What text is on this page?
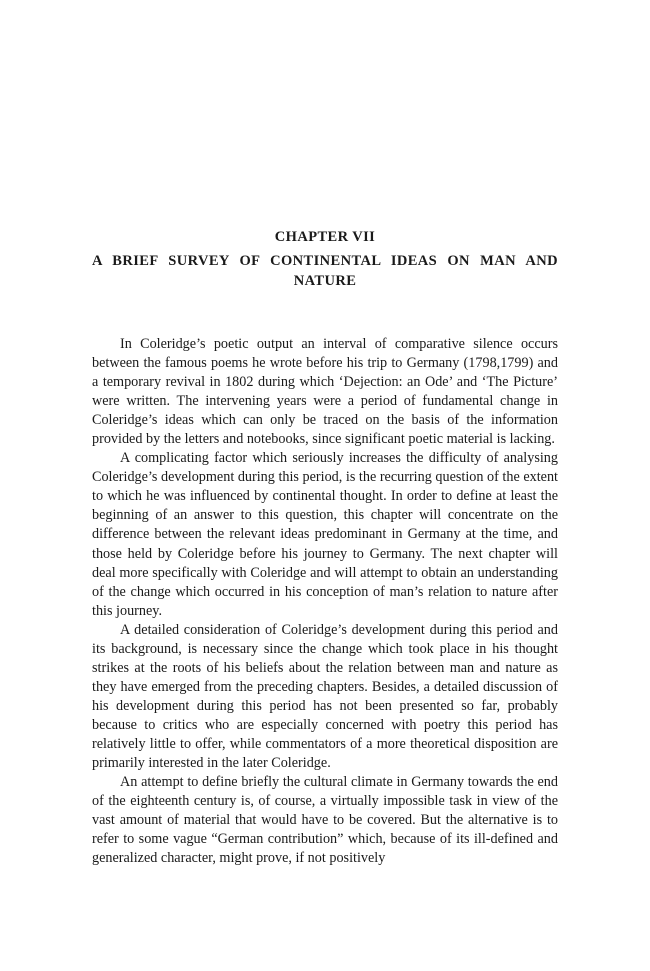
CHAPTER VII
A BRIEF SURVEY OF CONTINENTAL IDEAS ON MAN AND NATURE

In Coleridge’s poetic output an interval of comparative silence occurs between the famous poems he wrote before his trip to Germany (1798,1799) and a temporary revival in 1802 during which ‘Dejection: an Ode’ and ‘The Picture’ were written. The intervening years were a period of fundamental change in Coleridge’s ideas which can only be traced on the basis of the information provided by the letters and notebooks, since significant poetic material is lacking.

A complicating factor which seriously increases the difficulty of analysing Coleridge’s development during this period, is the recurring question of the extent to which he was influenced by continental thought. In order to define at least the beginning of an answer to this question, this chapter will concentrate on the difference between the relevant ideas predominant in Germany at the time, and those held by Coleridge before his journey to Germany. The next chapter will deal more specifically with Coleridge and will attempt to obtain an understanding of the change which occurred in his conception of man’s relation to nature after this journey.

A detailed consideration of Coleridge’s development during this period and its background, is necessary since the change which took place in his thought strikes at the roots of his beliefs about the relation between man and nature as they have emerged from the preceding chapters. Besides, a detailed discussion of his development during this period has not been presented so far, probably because to critics who are especially concerned with poetry this period has relatively little to offer, while commentators of a more theoretical disposition are primarily interested in the later Coleridge.

An attempt to define briefly the cultural climate in Germany towards the end of the eighteenth century is, of course, a virtually impossible task in view of the vast amount of material that would have to be covered. But the alternative is to refer to some vague “German contribution” which, because of its ill-defined and generalized character, might prove, if not positively
